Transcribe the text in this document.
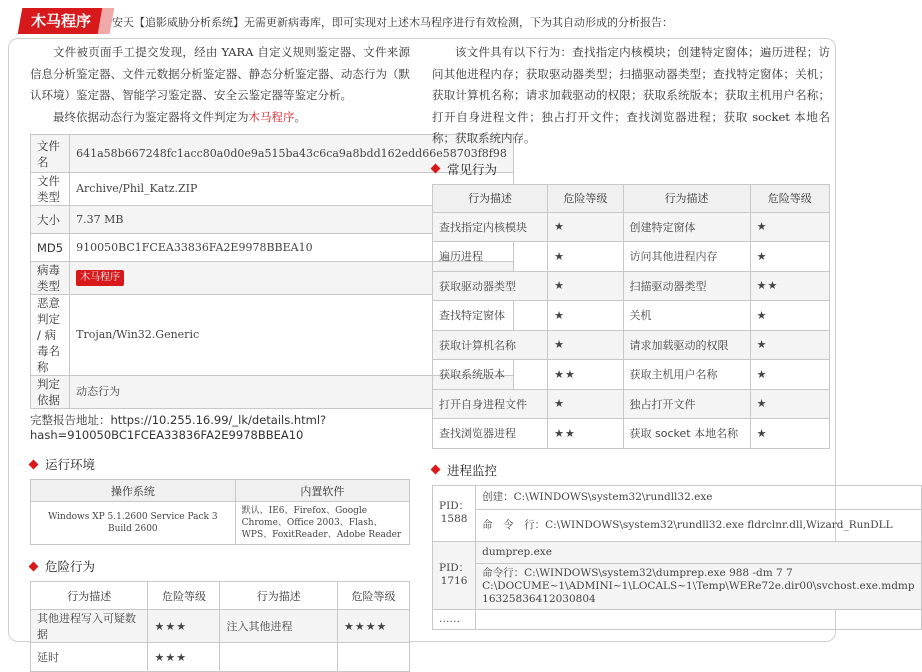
木马程序	安天【追影威胁分析系统】无需更新病毒库，即可实现对上述木马程序进行有效检测，下为其自动形成的分析报告：

文件被页面手工提交发现，经由 YARA 自定义规则鉴定器、文件来源信息分析鉴定器、文件元数据分析鉴定器、静态分析鉴定器、动态行为（默认环境）鉴定器、智能学习鉴定器、安全云鉴定器等鉴定分析。

最终依据动态行为鉴定器将文件判定为木马程序。

文件名	641a58b667248fc1acc80a0d0e9a515ba43c6ca9a8bdd162edd66e58703f8f98
文件类型	Archive/Phil_Katz.ZIP
大小	7.37 MB
MD5	910050BC1FCEA33836FA2E9978BBEA10
病毒类型	木马程序
恶意判定 / 病毒名称	Trojan/Win32.Generic
判定依据	动态行为
完整报告地址：https://10.255.16.99/_lk/details.html?hash=910050BC1FCEA33836FA2E9978BBEA10
运行环境
操作系统	内置软件
Windows XP 5.1.2600 Service Pack 3 Build 2600	默认、IE6、Firefox、Google Chrome、Office 2003、Flash、WPS、FoxitReader、Adobe Reader
危险行为
行为描述	危险等级	行为描述	危险等级
其他进程写入可疑数据	★★★	注入其他进程	★★★★
延时	★★★		

该文件具有以下行为：查找指定内核模块；创建特定窗体；遍历进程；访问其他进程内存；获取驱动器类型；扫描驱动器类型；查找特定窗体；关机；获取计算机名称；请求加载驱动的权限；获取系统版本；获取主机用户名称；打开自身进程文件；独占打开文件；查找浏览器进程；获取 socket 本地名称；获取系统内存。

常见行为
行为描述	危险等级	行为描述	危险等级
查找指定内核模块	★	创建特定窗体	★
遍历进程	★	访问其他进程内存	★
获取驱动器类型	★	扫描驱动器类型	★★
查找特定窗体	★	关机	★
获取计算机名称	★	请求加载驱动的权限	★
获取系统版本	★★	获取主机用户名称	★
打开自身进程文件	★	独占打开文件	★
查找浏览器进程	★★	获取 socket 本地名称	★
进程监控
PID：1588	创建：C:\WINDOWS\system32\rundll32.exe
	命　令　行：C:\WINDOWS\system32\rundll32.exe fldrclnr.dll,Wizard_RunDLL
PID：1716	dumprep.exe
	命令行：C:\WINDOWS\system32\dumprep.exe 988 -dm 7 7 C:\DOCUME~1\ADMINI~1\LOCALS~1\Temp\WERe72e.dir00\svchost.exe.mdmp 16325836412030804
……	
